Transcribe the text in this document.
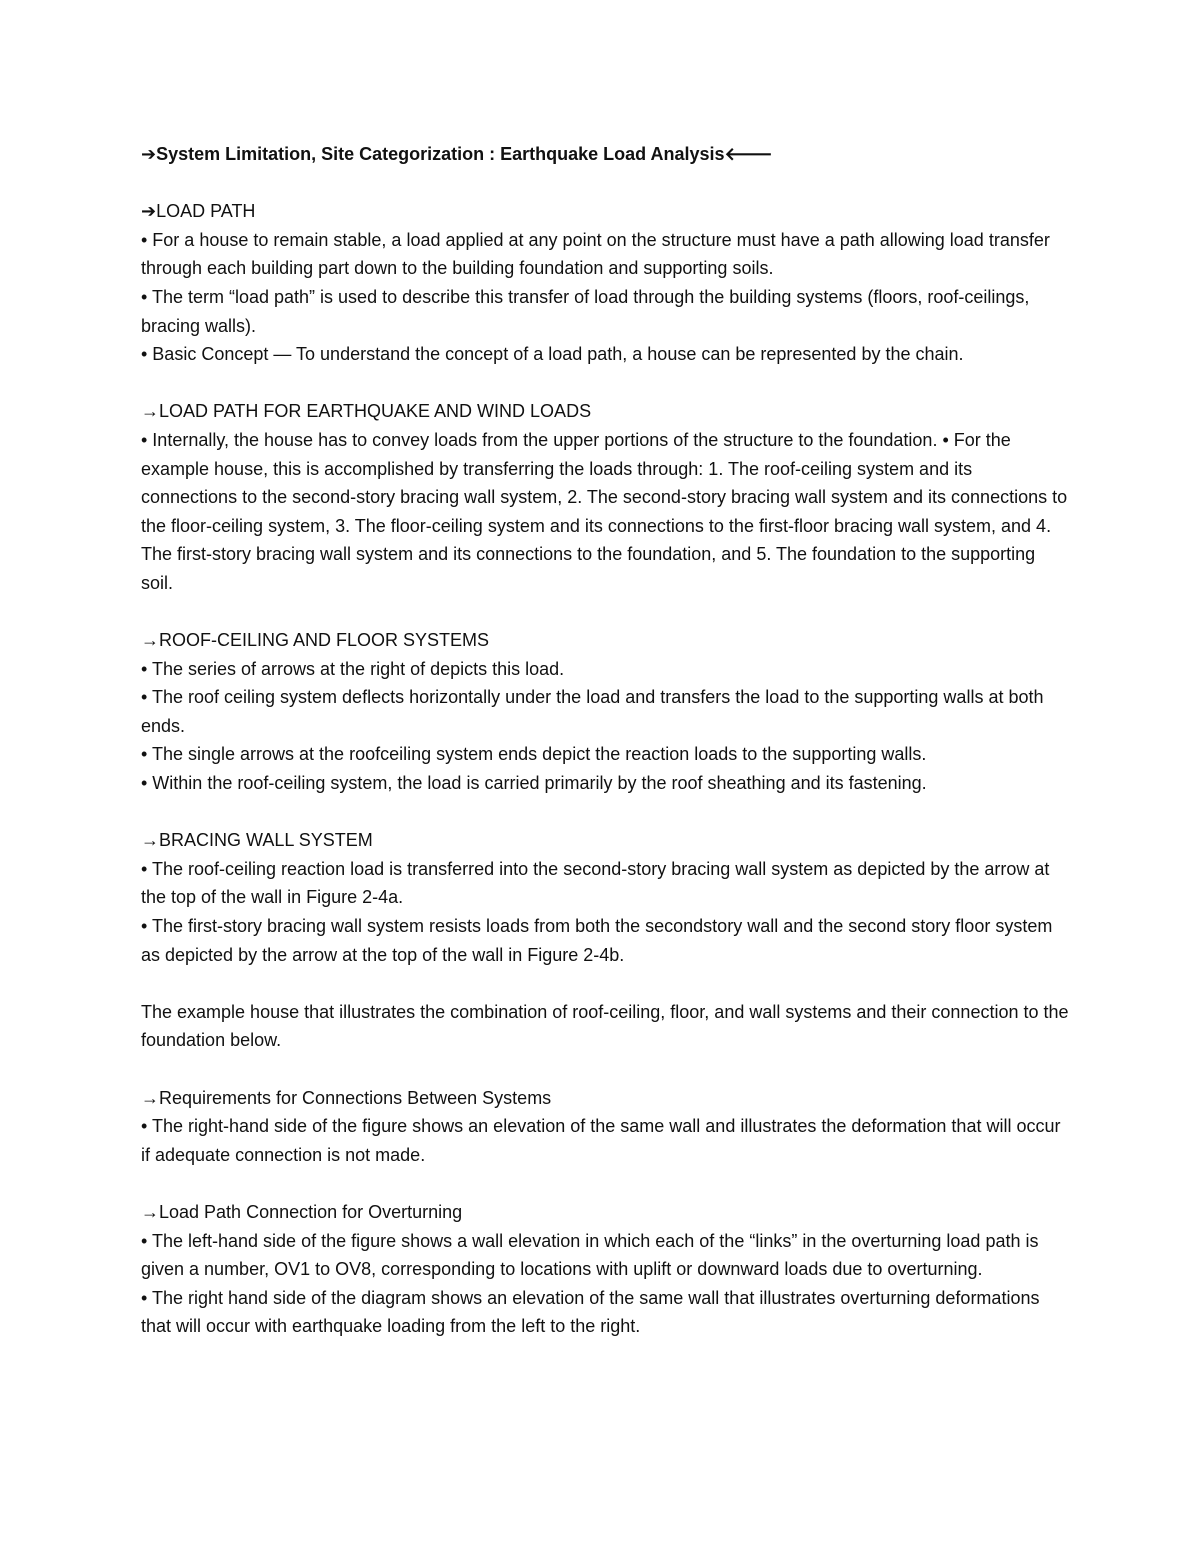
➔System Limitation, Site Categorization : Earthquake Load Analysis🡐

➔LOAD PATH

• For a house to remain stable, a load applied at any point on the structure must have a path allowing load transfer through each building part down to the building foundation and supporting soils.

• The term “load path” is used to describe this transfer of load through the building systems (floors, roof-ceilings, bracing walls).

• Basic Concept — To understand the concept of a load path, a house can be represented by the chain.

→LOAD PATH FOR EARTHQUAKE AND WIND LOADS

• Internally, the house has to convey loads from the upper portions of the structure to the foundation. • For the example house, this is accomplished by transferring the loads through: 1. The roof-ceiling system and its connections to the second-story bracing wall system, 2. The second-story bracing wall system and its connections to the floor-ceiling system, 3. The floor-ceiling system and its connections to the first-floor bracing wall system, and 4. The first-story bracing wall system and its connections to the foundation, and 5. The foundation to the supporting soil.

→ROOF-CEILING AND FLOOR SYSTEMS

• The series of arrows at the right of depicts this load.

• The roof ceiling system deflects horizontally under the load and transfers the load to the supporting walls at both ends.

• The single arrows at the roofceiling system ends depict the reaction loads to the supporting walls.

• Within the roof-ceiling system, the load is carried primarily by the roof sheathing and its fastening.

→BRACING WALL SYSTEM

• The roof-ceiling reaction load is transferred into the second-story bracing wall system as depicted by the arrow at the top of the wall in Figure 2-4a.

• The first-story bracing wall system resists loads from both the secondstory wall and the second story floor system as depicted by the arrow at the top of the wall in Figure 2-4b.

The example house that illustrates the combination of roof-ceiling, floor, and wall systems and their connection to the foundation below.

→Requirements for Connections Between Systems

• The right-hand side of the figure shows an elevation of the same wall and illustrates the deformation that will occur if adequate connection is not made.

→Load Path Connection for Overturning

• The left-hand side of the figure shows a wall elevation in which each of the “links” in the overturning load path is given a number, OV1 to OV8, corresponding to locations with uplift or downward loads due to overturning.

• The right hand side of the diagram shows an elevation of the same wall that illustrates overturning deformations that will occur with earthquake loading from the left to the right.
